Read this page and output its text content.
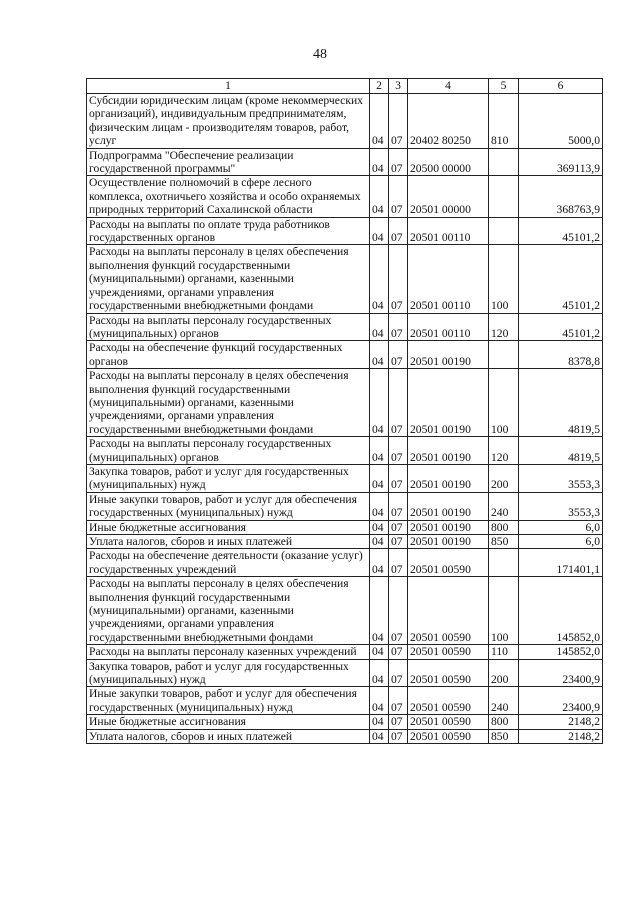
48
1	2	3	4	5	6
Субсидии юридическим лицам (кроме некоммерческих организаций), индивидуальным предпринимателям, физическим лицам - производителям товаров, работ, услуг	04	07	20402 80250	810	5000,0
Подпрограмма "Обеспечение реализации государственной программы"	04	07	20500 00000		369113,9
Осуществление полномочий в сфере лесного комплекса, охотничьего хозяйства и особо охраняемых природных территорий Сахалинской области	04	07	20501 00000		368763,9
Расходы на выплаты по оплате труда работников государственных органов	04	07	20501 00110		45101,2
Расходы на выплаты персоналу в целях обеспечения выполнения функций государственными (муниципальными) органами, казенными учреждениями, органами управления государственными внебюджетными фондами	04	07	20501 00110	100	45101,2
Расходы на выплаты персоналу государственных (муниципальных) органов	04	07	20501 00110	120	45101,2
Расходы на обеспечение функций государственных органов	04	07	20501 00190		8378,8
Расходы на выплаты персоналу в целях обеспечения выполнения функций государственными (муниципальными) органами, казенными учреждениями, органами управления государственными внебюджетными фондами	04	07	20501 00190	100	4819,5
Расходы на выплаты персоналу государственных (муниципальных) органов	04	07	20501 00190	120	4819,5
Закупка товаров, работ и услуг для государственных (муниципальных) нужд	04	07	20501 00190	200	3553,3
Иные закупки товаров, работ и услуг для обеспечения государственных (муниципальных) нужд	04	07	20501 00190	240	3553,3
Иные бюджетные ассигнования	04	07	20501 00190	800	6,0
Уплата налогов, сборов и иных платежей	04	07	20501 00190	850	6,0
Расходы на обеспечение деятельности (оказание услуг) государственных учреждений	04	07	20501 00590		171401,1
Расходы на выплаты персоналу в целях обеспечения выполнения функций государственными (муниципальными) органами, казенными учреждениями, органами управления государственными внебюджетными фондами	04	07	20501 00590	100	145852,0
Расходы на выплаты персоналу казенных учреждений	04	07	20501 00590	110	145852,0
Закупка товаров, работ и услуг для государственных (муниципальных) нужд	04	07	20501 00590	200	23400,9
Иные закупки товаров, работ и услуг для обеспечения государственных (муниципальных) нужд	04	07	20501 00590	240	23400,9
Иные бюджетные ассигнования	04	07	20501 00590	800	2148,2
Уплата налогов, сборов и иных платежей	04	07	20501 00590	850	2148,2
